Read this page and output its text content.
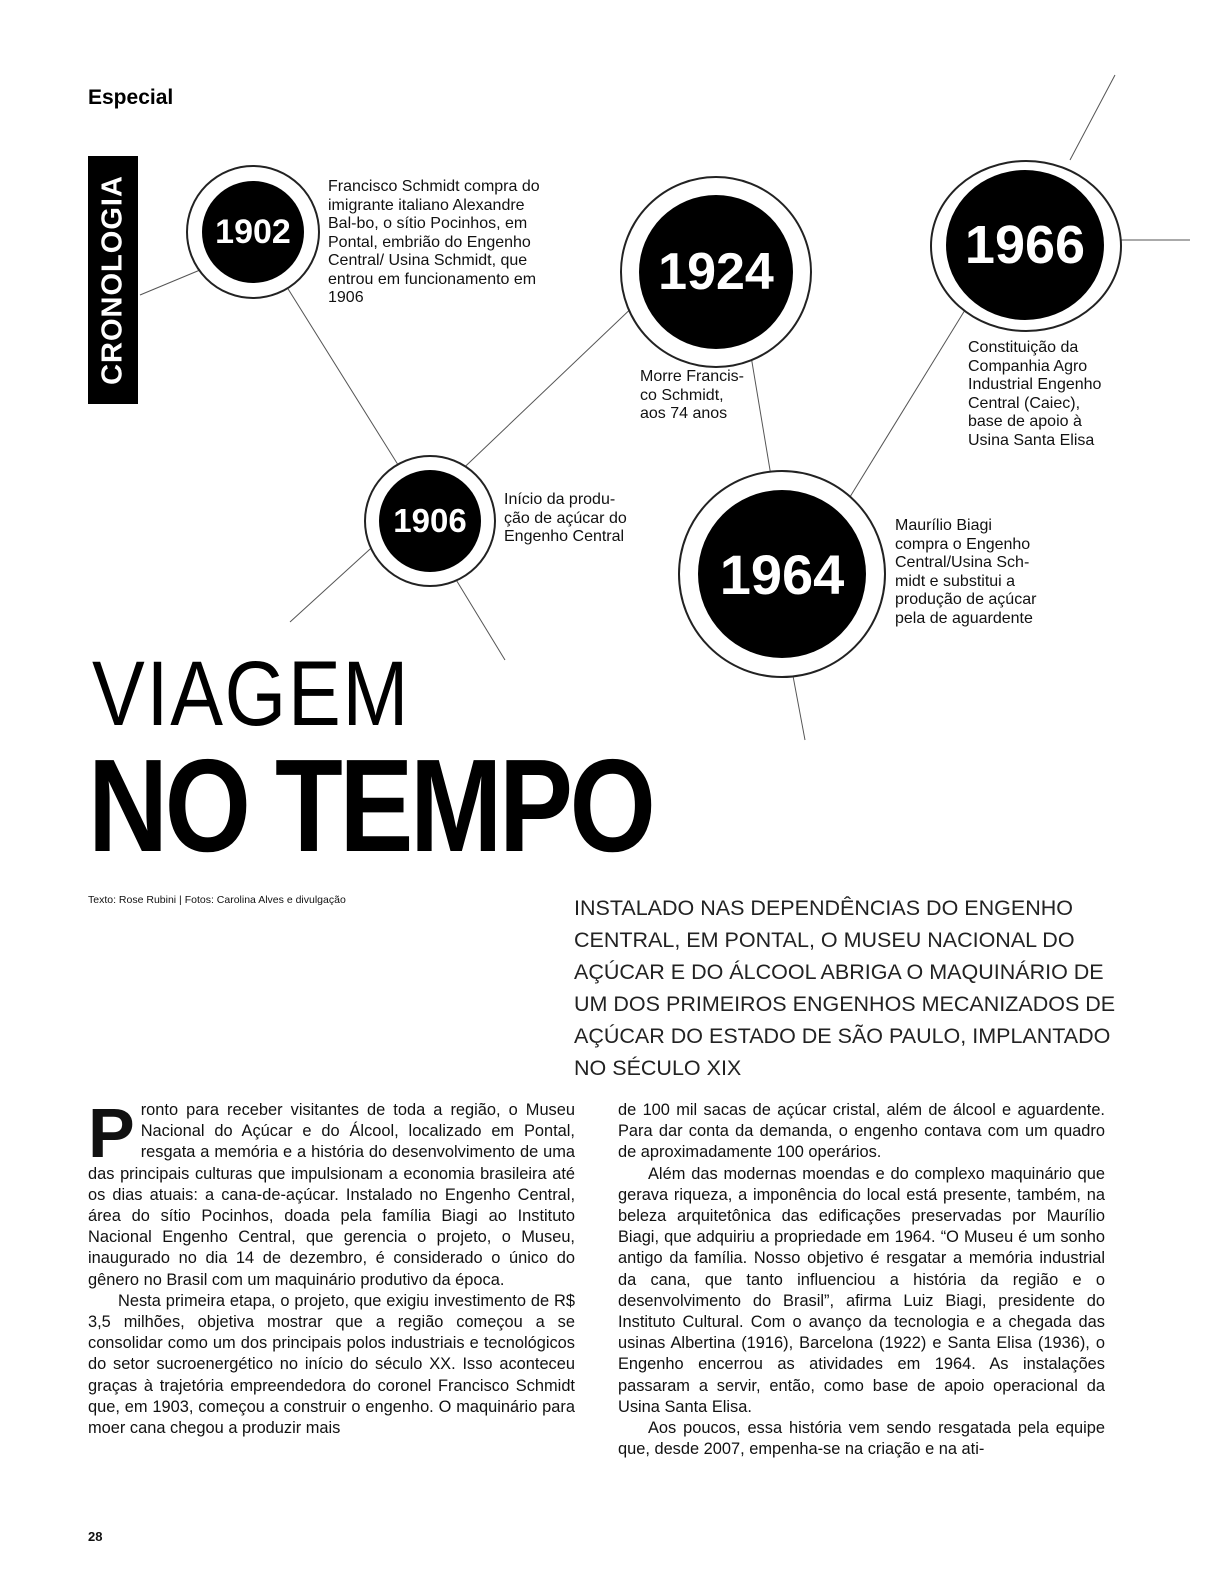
Especial
CRONOLOGIA	1902
Francisco Schmidt compra do imigrante italiano Alexandre Bal-bo, o sítio Pocinhos, em Pontal, embrião do Engenho Central/ Usina Schmidt, que entrou em funcionamento em 1906
1906
Início da produ-ção de açúcar do Engenho Central
1924
Morre Francis-co Schmidt, aos 74 anos
1964
Maurílio Biagi compra o Engenho Central/Usina Sch-midt e substitui a produção de açúcar pela de aguardente
1966
Constituição da Companhia Agro Industrial Engenho Central (Caiec), base de apoio à Usina Santa Elisa
VIAGEM
NO TEMPO
Texto: Rose Rubini | Fotos: Carolina Alves e divulgação	INSTALADO NAS DEPENDÊNCIAS DO ENGENHO CENTRAL, EM PONTAL, O MUSEU NACIONAL DO AÇÚCAR E DO ÁLCOOL ABRIGA O MAQUINÁRIO DE UM DOS PRIMEIROS ENGENHOS MECANIZADOS DE AÇÚCAR DO ESTADO DE SÃO PAULO, IMPLANTADO NO SÉCULO XIX

Pronto para receber visitantes de toda a região, o Museu Nacional do Açúcar e do Álcool, localizado em Pontal, resgata a memória e a história do desenvolvimento de uma das principais culturas que impulsionam a economia brasileira até os dias atuais: a cana-de-açúcar. Instalado no Engenho Central, área do sítio Pocinhos, doada pela família Biagi ao Instituto Nacional Engenho Central, que gerencia o projeto, o Museu, inaugurado no dia 14 de dezembro, é considerado o único do gênero no Brasil com um maquinário produtivo da época.

Nesta primeira etapa, o projeto, que exigiu investimento de R$ 3,5 milhões, objetiva mostrar que a região começou a se consolidar como um dos principais polos industriais e tecnológicos do setor sucroenergético no início do século XX. Isso aconteceu graças à trajetória empreendedora do coronel Francisco Schmidt que, em 1903, começou a construir o engenho. O maquinário para moer cana chegou a produzir mais

de 100 mil sacas de açúcar cristal, além de álcool e aguardente. Para dar conta da demanda, o engenho contava com um quadro de aproximadamente 100 operários.

Além das modernas moendas e do complexo maquinário que gerava riqueza, a imponência do local está presente, também, na beleza arquitetônica das edificações preservadas por Maurílio Biagi, que adquiriu a propriedade em 1964. “O Museu é um sonho antigo da família. Nosso objetivo é resgatar a memória industrial da cana, que tanto influenciou a história da região e o desenvolvimento do Brasil”, afirma Luiz Biagi, presidente do Instituto Cultural. Com o avanço da tecnologia e a chegada das usinas Albertina (1916), Barcelona (1922) e Santa Elisa (1936), o Engenho encerrou as atividades em 1964. As instalações passaram a servir, então, como base de apoio operacional da Usina Santa Elisa.

Aos poucos, essa história vem sendo resgatada pela equipe que, desde 2007, empenha-se na criação e na ati-

28
